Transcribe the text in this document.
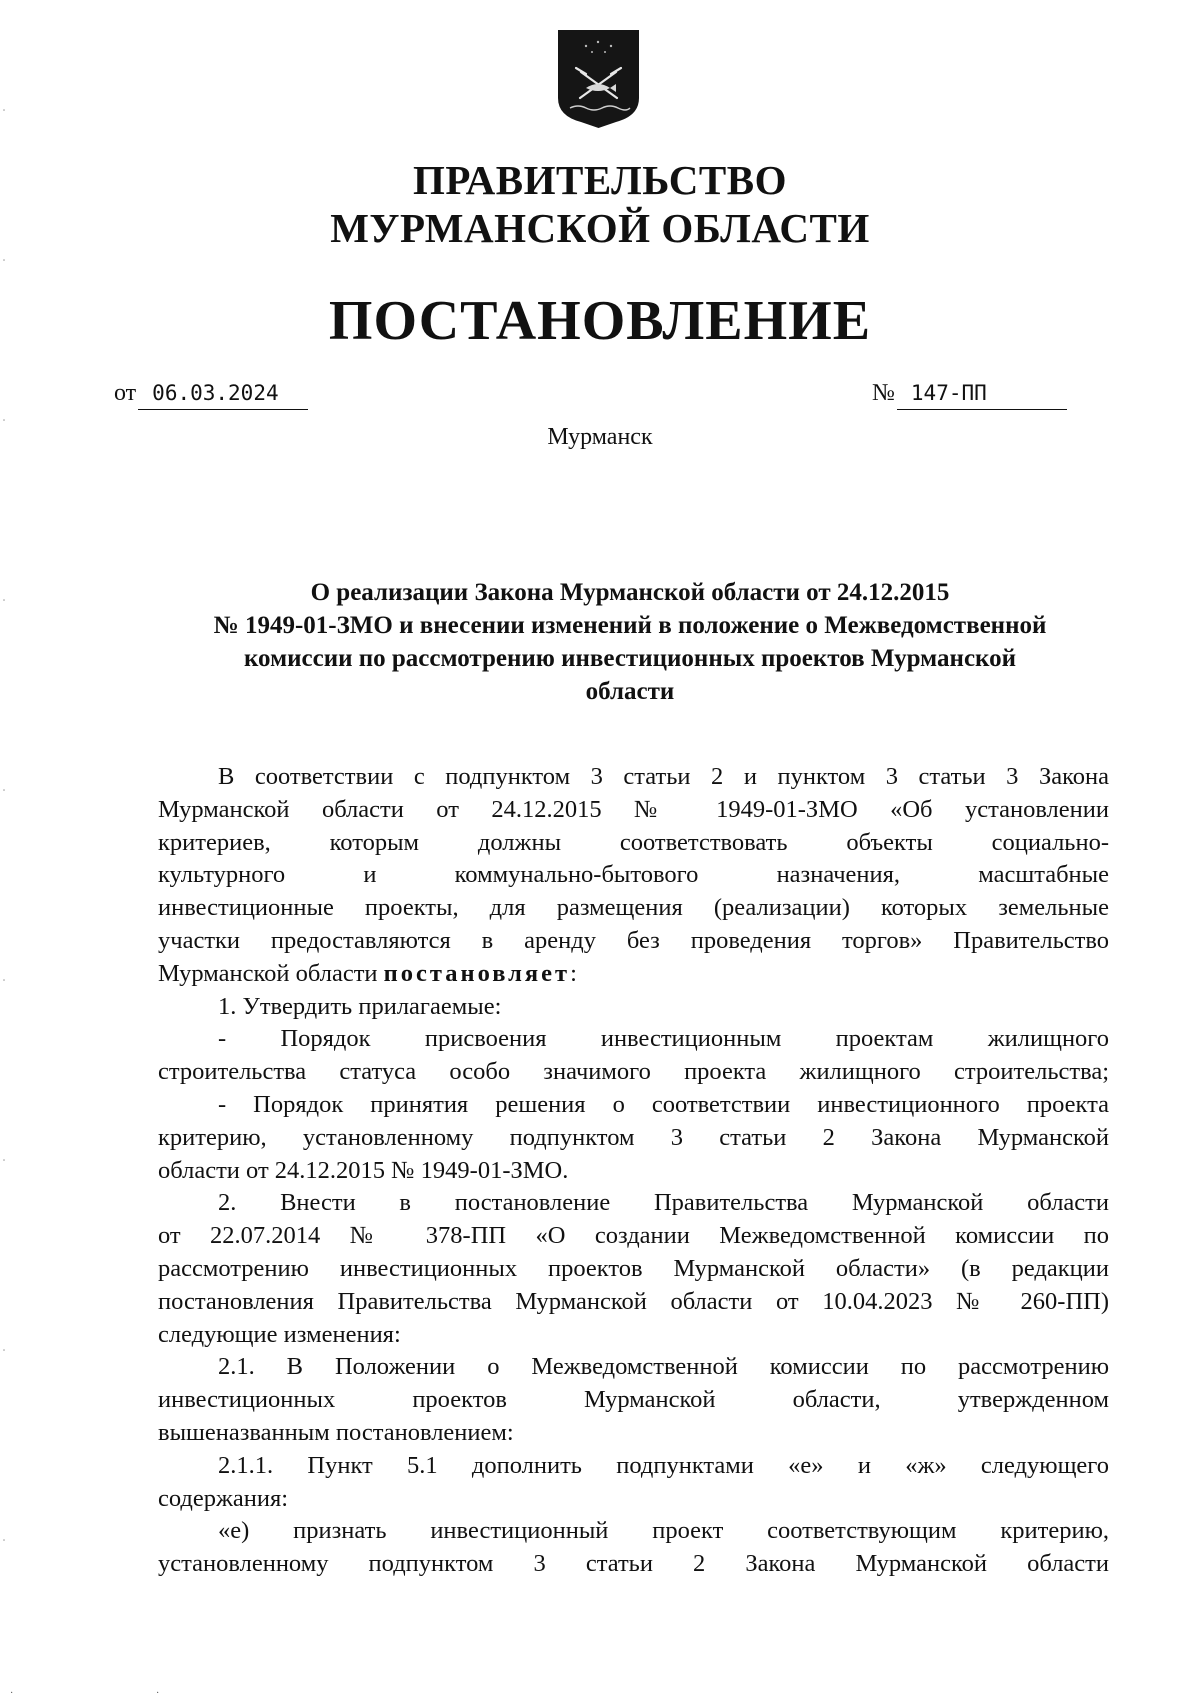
ПРАВИТЕЛЬСТВО
МУРМАНСКОЙ ОБЛАСТИ
ПОСТАНОВЛЕНИЕ
от 06.03.2024	№ 147-ПП
Мурманск
О реализации Закона Мурманской области от 24.12.2015
№ 1949-01-ЗМО и внесении изменений в положение о Межведомственной
комиссии по рассмотрению инвестиционных проектов Мурманской
области
В соответствии с подпунктом 3 статьи 2 и пунктом 3 статьи 3 Закона
Мурманской области от 24.12.2015 № 1949-01-ЗМО «Об установлении
критериев, которым должны соответствовать объекты социально-
культурного и коммунально-бытового назначения, масштабные
инвестиционные проекты, для размещения (реализации) которых земельные
участки предоставляются в аренду без проведения торгов» Правительство
Мурманской области постановляет:
1. Утвердить прилагаемые:
- Порядок присвоения инвестиционным проектам жилищного
строительства статуса особо значимого проекта жилищного строительства;
- Порядок принятия решения о соответствии инвестиционного проекта
критерию, установленному подпунктом 3 статьи 2 Закона Мурманской
области от 24.12.2015 № 1949-01-ЗМО.
2. Внести в постановление Правительства Мурманской области
от 22.07.2014 № 378-ПП «О создании Межведомственной комиссии по
рассмотрению инвестиционных проектов Мурманской области» (в редакции
постановления Правительства Мурманской области от 10.04.2023 № 260-ПП)
следующие изменения:
2.1. В Положении о Межведомственной комиссии по рассмотрению
инвестиционных проектов Мурманской области, утвержденном
вышеназванным постановлением:
2.1.1. Пункт 5.1 дополнить подпунктами «е» и «ж» следующего
содержания:
«е) признать инвестиционный проект соответствующим критерию,
установленному подпунктом 3 статьи 2 Закона Мурманской области
·	·
